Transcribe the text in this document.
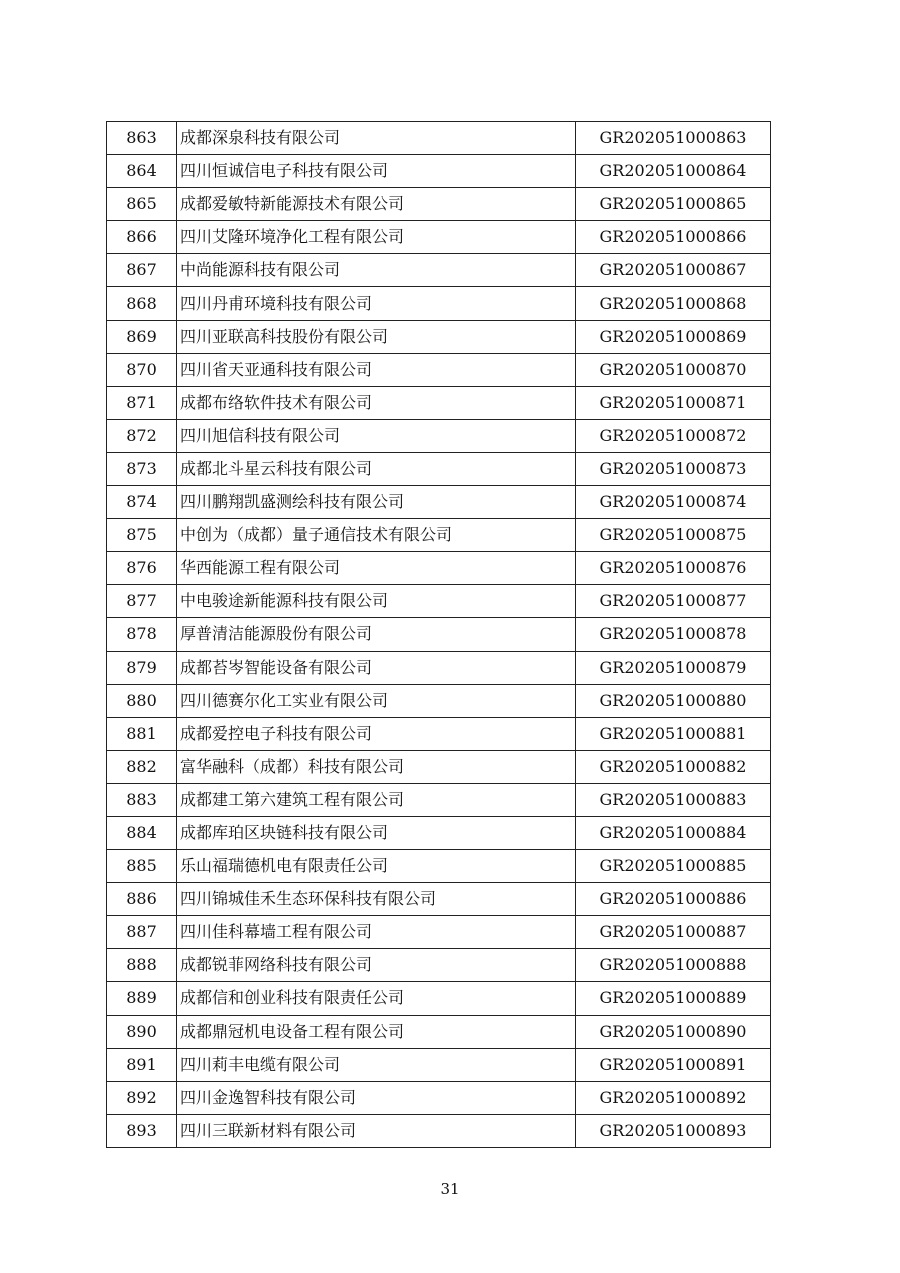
863	成都深泉科技有限公司	GR202051000863
864	四川恒诚信电子科技有限公司	GR202051000864
865	成都爱敏特新能源技术有限公司	GR202051000865
866	四川艾隆环境净化工程有限公司	GR202051000866
867	中尚能源科技有限公司	GR202051000867
868	四川丹甫环境科技有限公司	GR202051000868
869	四川亚联高科技股份有限公司	GR202051000869
870	四川省天亚通科技有限公司	GR202051000870
871	成都布络软件技术有限公司	GR202051000871
872	四川旭信科技有限公司	GR202051000872
873	成都北斗星云科技有限公司	GR202051000873
874	四川鹏翔凯盛测绘科技有限公司	GR202051000874
875	中创为（成都）量子通信技术有限公司	GR202051000875
876	华西能源工程有限公司	GR202051000876
877	中电骏途新能源科技有限公司	GR202051000877
878	厚普清洁能源股份有限公司	GR202051000878
879	成都苔岑智能设备有限公司	GR202051000879
880	四川德赛尔化工实业有限公司	GR202051000880
881	成都爱控电子科技有限公司	GR202051000881
882	富华融科（成都）科技有限公司	GR202051000882
883	成都建工第六建筑工程有限公司	GR202051000883
884	成都库珀区块链科技有限公司	GR202051000884
885	乐山福瑞德机电有限责任公司	GR202051000885
886	四川锦城佳禾生态环保科技有限公司	GR202051000886
887	四川佳科幕墙工程有限公司	GR202051000887
888	成都锐菲网络科技有限公司	GR202051000888
889	成都信和创业科技有限责任公司	GR202051000889
890	成都鼎冠机电设备工程有限公司	GR202051000890
891	四川莉丰电缆有限公司	GR202051000891
892	四川金逸智科技有限公司	GR202051000892
893	四川三联新材料有限公司	GR202051000893
31
